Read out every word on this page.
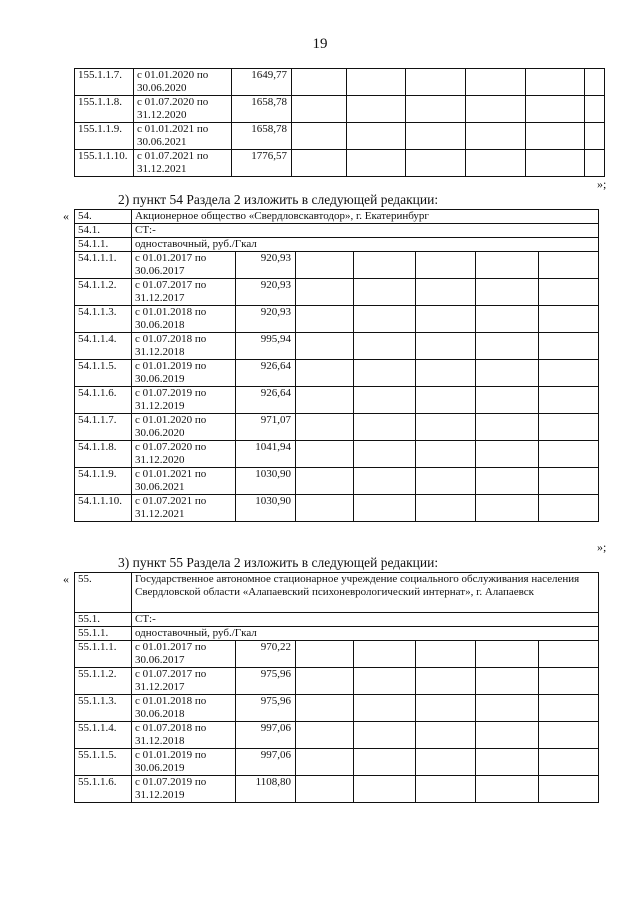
19
155.1.1.7.	с 01.01.2020 по
30.06.2020	1649,77						
155.1.1.8.	с 01.07.2020 по
31.12.2020	1658,78						
155.1.1.9.	с 01.01.2021 по
30.06.2021	1658,78						
155.1.1.10.	с 01.07.2021 по
31.12.2021	1776,57						
»;
2) пункт 54 Раздела 2 изложить в следующей редакции:
« 54.	Акционерное общество «Свердловскавтодор», г. Екатеринбург						
54.1.	СТ:-						
54.1.1.	одноставочный, руб./Гкал						
54.1.1.1.	с 01.01.2017 по
30.06.2017	920,93					
54.1.1.2.	с 01.07.2017 по
31.12.2017	920,93					
54.1.1.3.	с 01.01.2018 по
30.06.2018	920,93					
54.1.1.4.	с 01.07.2018 по
31.12.2018	995,94					
54.1.1.5.	с 01.01.2019 по
30.06.2019	926,64					
54.1.1.6.	с 01.07.2019 по
31.12.2019	926,64					
54.1.1.7.	с 01.01.2020 по
30.06.2020	971,07					
54.1.1.8.	с 01.07.2020 по
31.12.2020	1041,94					
54.1.1.9.	с 01.01.2021 по
30.06.2021	1030,90					
54.1.1.10.	с 01.07.2021 по
31.12.2021	1030,90					
»;
3) пункт 55 Раздела 2 изложить в следующей редакции:
« 55.	Государственное автономное стационарное учреждение социального обслуживания населения Свердловской области «Алапаевский психоневрологический интернат», г. Алапаевск						
55.1.	СТ:-						
55.1.1.	одноставочный, руб./Гкал						
55.1.1.1.	с 01.01.2017 по
30.06.2017	970,22					
55.1.1.2.	с 01.07.2017 по
31.12.2017	975,96					
55.1.1.3.	с 01.01.2018 по
30.06.2018	975,96					
55.1.1.4.	с 01.07.2018 по
31.12.2018	997,06					
55.1.1.5.	с 01.01.2019 по
30.06.2019	997,06					
55.1.1.6.	с 01.07.2019 по
31.12.2019	1108,80					
